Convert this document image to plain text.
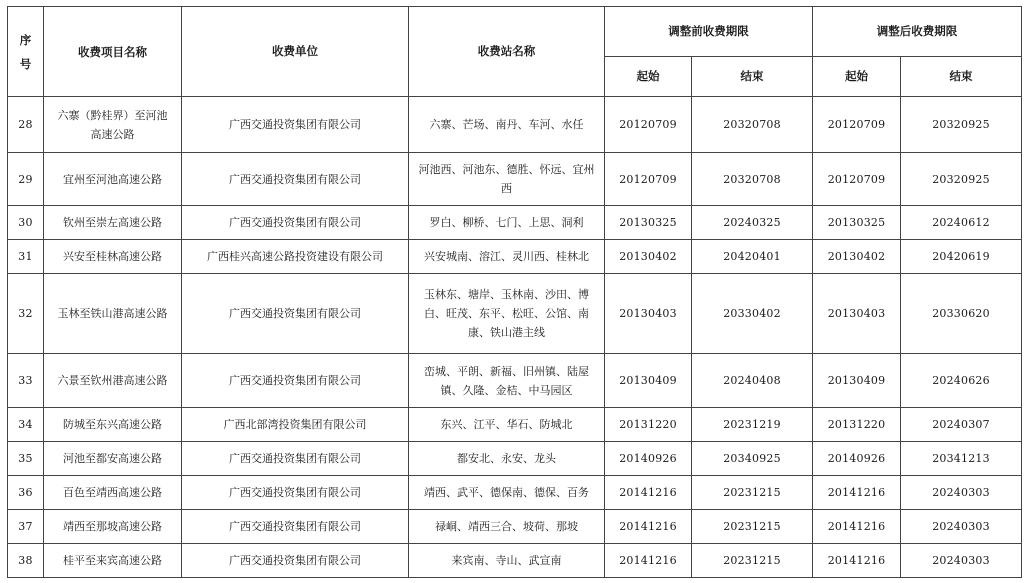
序号	收费项目名称	收费单位	收费站名称	调整前收费期限		调整后收费期限	
				起始	结束	起始	结束
28	六寨（黔桂界）至河池高速公路	广西交通投资集团有限公司	六寨、芒场、南丹、车河、水任	20120709	20320708	20120709	20320925
29	宜州至河池高速公路	广西交通投资集团有限公司	河池西、河池东、德胜、怀远、宜州西	20120709	20320708	20120709	20320925
30	钦州至崇左高速公路	广西交通投资集团有限公司	罗白、柳桥、七门、上思、洞利	20130325	20240325	20130325	20240612
31	兴安至桂林高速公路	广西桂兴高速公路投资建设有限公司	兴安城南、溶江、灵川西、桂林北	20130402	20420401	20130402	20420619
32	玉林至铁山港高速公路	广西交通投资集团有限公司	玉林东、塘岸、玉林南、沙田、博白、旺茂、东平、松旺、公馆、南康、铁山港主线	20130403	20330402	20130403	20330620
33	六景至钦州港高速公路	广西交通投资集团有限公司	峦城、平朗、新福、旧州镇、陆屋镇、久隆、金桔、中马园区	20130409	20240408	20130409	20240626
34	防城至东兴高速公路	广西北部湾投资集团有限公司	东兴、江平、华石、防城北	20131220	20231219	20131220	20240307
35	河池至都安高速公路	广西交通投资集团有限公司	都安北、永安、龙头	20140926	20340925	20140926	20341213
36	百色至靖西高速公路	广西交通投资集团有限公司	靖西、武平、德保南、德保、百务	20141216	20231215	20141216	20240303
37	靖西至那坡高速公路	广西交通投资集团有限公司	禄峒、靖西三合、坡荷、那坡	20141216	20231215	20141216	20240303
38	桂平至来宾高速公路	广西交通投资集团有限公司	来宾南、寺山、武宣南	20141216	20231215	20141216	20240303
